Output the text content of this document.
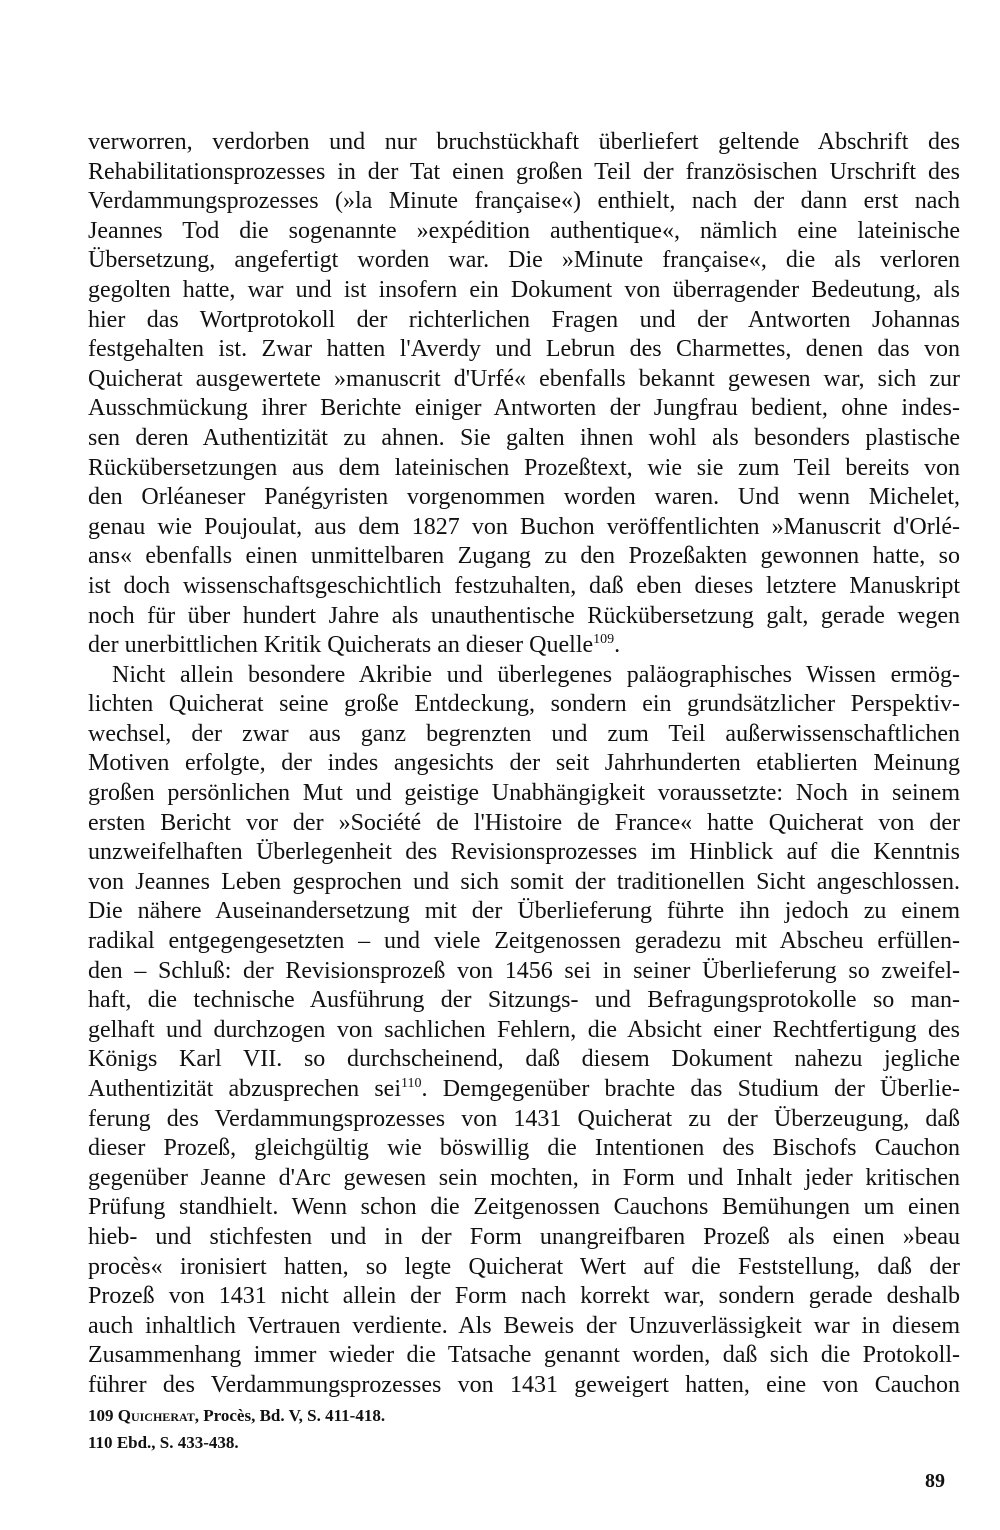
verworren, verdorben und nur bruchstückhaft überliefert geltende Abschrift des
Rehabilitationsprozesses in der Tat einen großen Teil der französischen Urschrift des
Verdammungsprozesses (»la Minute française«) enthielt, nach der dann erst nach
Jeannes Tod die sogenannte »expédition authentique«, nämlich eine lateinische
Übersetzung, angefertigt worden war. Die »Minute française«, die als verloren
gegolten hatte, war und ist insofern ein Dokument von überragender Bedeutung, als
hier das Wortprotokoll der richterlichen Fragen und der Antworten Johannas
festgehalten ist. Zwar hatten l'Averdy und Lebrun des Charmettes, denen das von
Quicherat ausgewertete »manuscrit d'Urfé« ebenfalls bekannt gewesen war, sich zur
Ausschmückung ihrer Berichte einiger Antworten der Jungfrau bedient, ohne indes-
sen deren Authentizität zu ahnen. Sie galten ihnen wohl als besonders plastische
Rückübersetzungen aus dem lateinischen Prozeßtext, wie sie zum Teil bereits von
den Orléaneser Panégyristen vorgenommen worden waren. Und wenn Michelet,
genau wie Poujoulat, aus dem 1827 von Buchon veröffentlichten »Manuscrit d'Orlé-
ans« ebenfalls einen unmittelbaren Zugang zu den Prozeßakten gewonnen hatte, so
ist doch wissenschaftsgeschichtlich festzuhalten, daß eben dieses letztere Manuskript
noch für über hundert Jahre als unauthentische Rückübersetzung galt, gerade wegen
der unerbittlichen Kritik Quicherats an dieser Quelle$^{109}$.
Nicht allein besondere Akribie und überlegenes paläographisches Wissen ermög-
lichten Quicherat seine große Entdeckung, sondern ein grundsätzlicher Perspektiv-
wechsel, der zwar aus ganz begrenzten und zum Teil außerwissenschaftlichen
Motiven erfolgte, der indes angesichts der seit Jahrhunderten etablierten Meinung
großen persönlichen Mut und geistige Unabhängigkeit voraussetzte: Noch in seinem
ersten Bericht vor der »Société de l'Histoire de France« hatte Quicherat von der
unzweifelhaften Überlegenheit des Revisionsprozesses im Hinblick auf die Kenntnis
von Jeannes Leben gesprochen und sich somit der traditionellen Sicht angeschlossen.
Die nähere Auseinandersetzung mit der Überlieferung führte ihn jedoch zu einem
radikal entgegengesetzten – und viele Zeitgenossen geradezu mit Abscheu erfüllen-
den – Schluß: der Revisionsprozeß von 1456 sei in seiner Überlieferung so zweifel-
haft, die technische Ausführung der Sitzungs- und Befragungsprotokolle so man-
gelhaft und durchzogen von sachlichen Fehlern, die Absicht einer Rechtfertigung des
Königs Karl VII. so durchscheinend, daß diesem Dokument nahezu jegliche
Authentizität abzusprechen sei$^{110}$. Demgegenüber brachte das Studium der Überlie-
ferung des Verdammungsprozesses von 1431 Quicherat zu der Überzeugung, daß
dieser Prozeß, gleichgültig wie böswillig die Intentionen des Bischofs Cauchon
gegenüber Jeanne d'Arc gewesen sein mochten, in Form und Inhalt jeder kritischen
Prüfung standhielt. Wenn schon die Zeitgenossen Cauchons Bemühungen um einen
hieb- und stichfesten und in der Form unangreifbaren Prozeß als einen »beau
procès« ironisiert hatten, so legte Quicherat Wert auf die Feststellung, daß der
Prozeß von 1431 nicht allein der Form nach korrekt war, sondern gerade deshalb
auch inhaltlich Vertrauen verdiente. Als Beweis der Unzuverlässigkeit war in diesem
Zusammenhang immer wieder die Tatsache genannt worden, daß sich die Protokoll-
führer des Verdammungsprozesses von 1431 geweigert hatten, eine von Cauchon
109 Quicherat, Procès, Bd. V, S. 411-418.
110 Ebd., S. 433-438.
89
